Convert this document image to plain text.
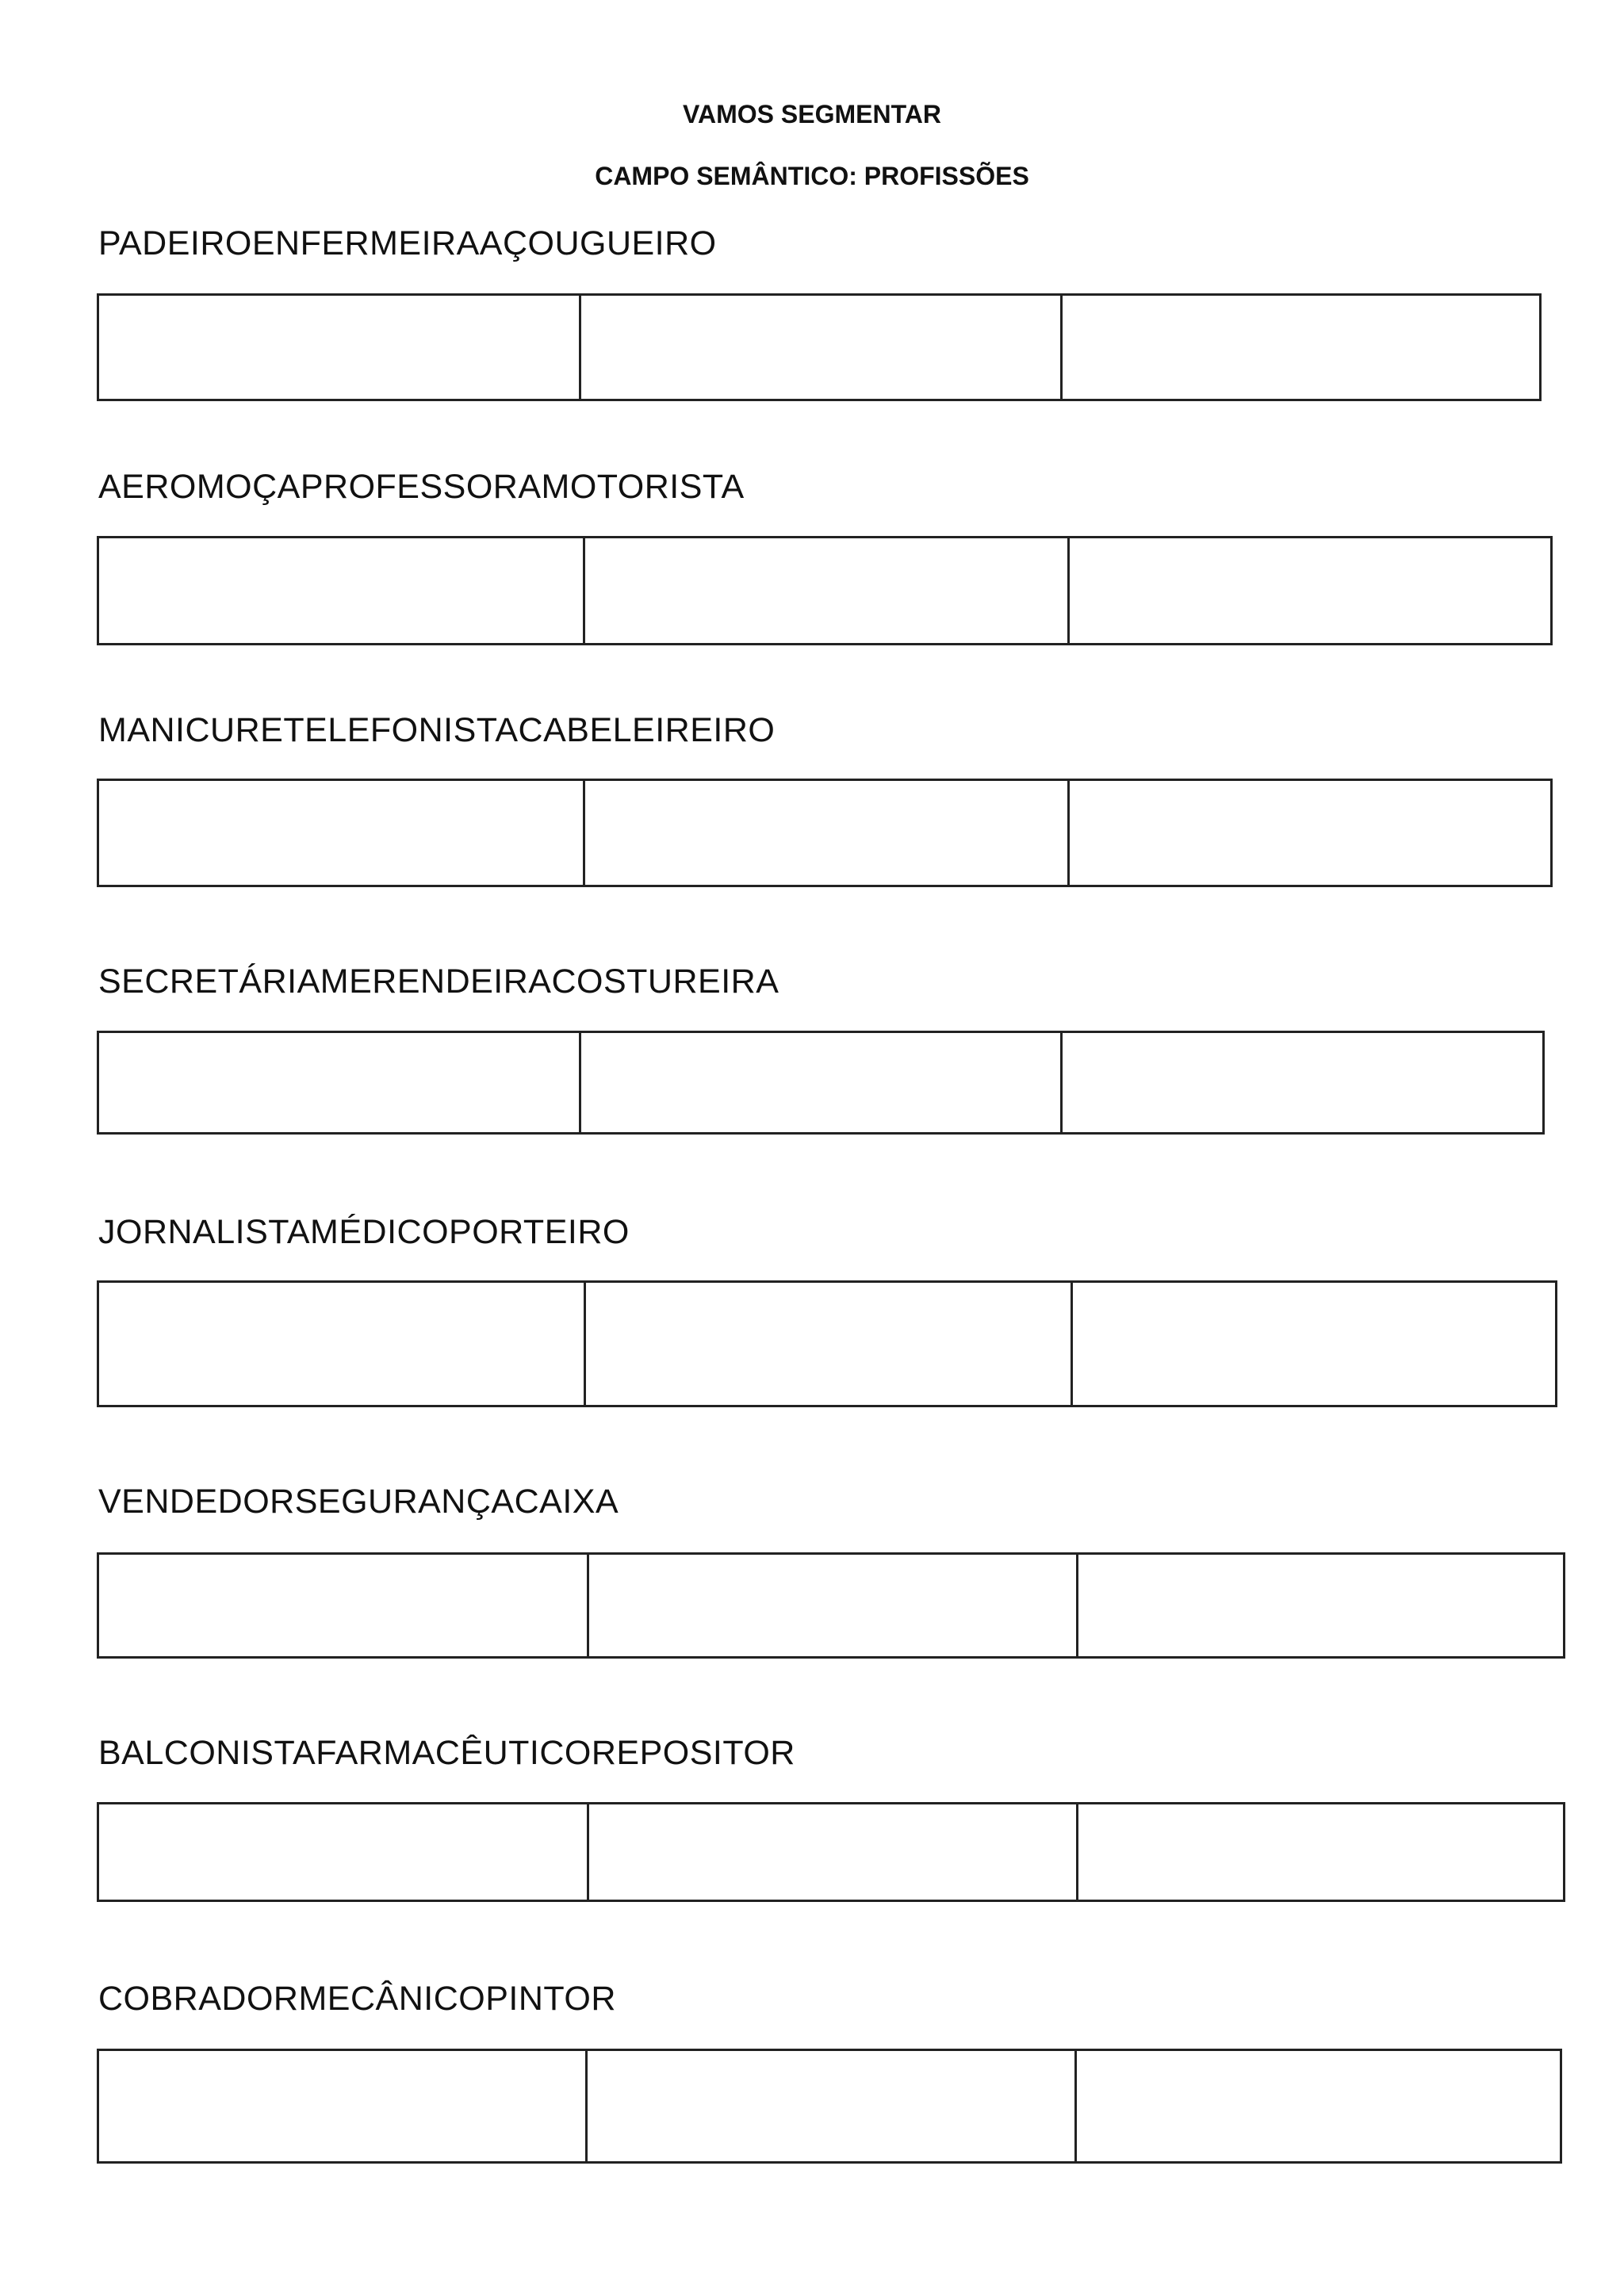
VAMOS SEGMENTAR
CAMPO SEMÂNTICO: PROFISSÕES
PADEIROENFERMEIRAAÇOUGUEIRO
AEROMOÇAPROFESSORAMOTORISTA
MANICURETELEFONISTACABELEIREIRO
SECRETÁRIAMERENDEIRACOSTUREIRA
JORNALISTAMÉDICOPORTEIRO
VENDEDORSEGURANÇACAIXA
BALCONISTAFARMACÊUTICOREPOSITOR
COBRADORMECÂNICOPINTOR
